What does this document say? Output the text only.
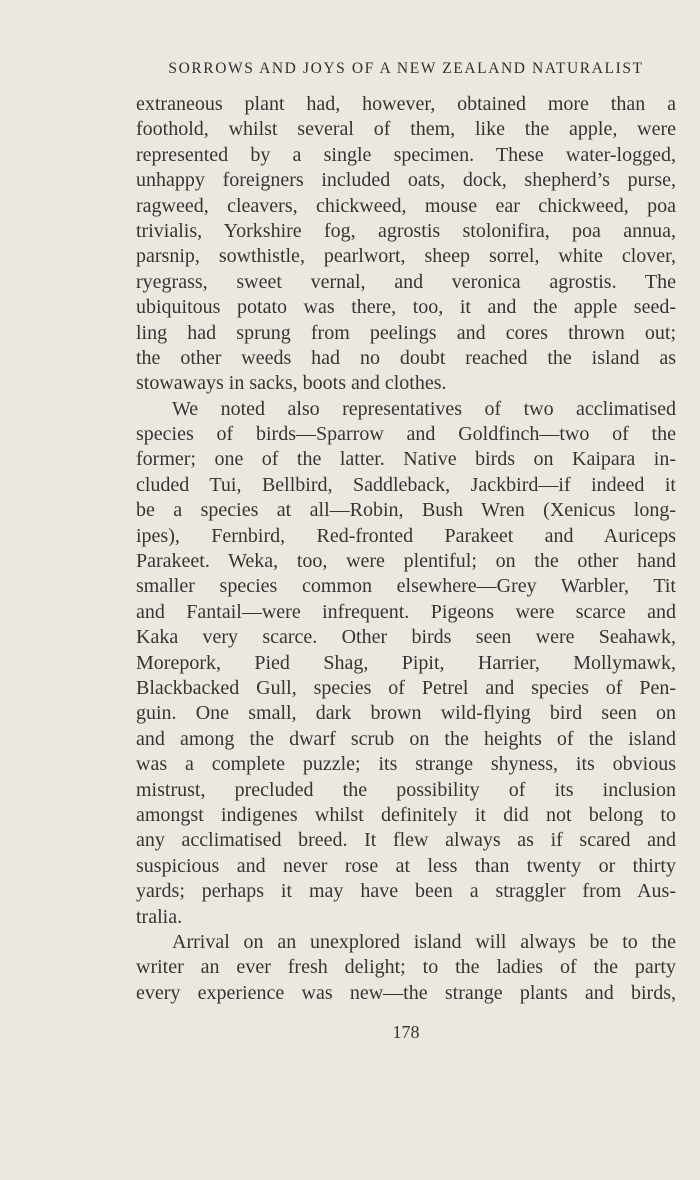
SORROWS AND JOYS OF A NEW ZEALAND NATURALIST
extraneous plant had, however, obtained more than a
foothold, whilst several of them, like the apple, were
represented by a single specimen. These water-logged,
unhappy foreigners included oats, dock, shepherd’s purse,
ragweed, cleavers, chickweed, mouse ear chickweed, poa
trivialis, Yorkshire fog, agrostis stolonifira, poa annua,
parsnip, sowthistle, pearlwort, sheep sorrel, white clover,
ryegrass, sweet vernal, and veronica agrostis. The
ubiquitous potato was there, too, it and the apple seed-
ling had sprung from peelings and cores thrown out;
the other weeds had no doubt reached the island as
stowaways in sacks, boots and clothes.
We noted also representatives of two acclimatised
species of birds—Sparrow and Goldfinch—two of the
former; one of the latter. Native birds on Kaipara in-
cluded Tui, Bellbird, Saddleback, Jackbird—if indeed it
be a species at all—Robin, Bush Wren (Xenicus long-
ipes), Fernbird, Red-fronted Parakeet and Auriceps
Parakeet. Weka, too, were plentiful; on the other hand
smaller species common elsewhere—Grey Warbler, Tit
and Fantail—were infrequent. Pigeons were scarce and
Kaka very scarce. Other birds seen were Seahawk,
Morepork, Pied Shag, Pipit, Harrier, Mollymawk,
Blackbacked Gull, species of Petrel and species of Pen-
guin. One small, dark brown wild-flying bird seen on
and among the dwarf scrub on the heights of the island
was a complete puzzle; its strange shyness, its obvious
mistrust, precluded the possibility of its inclusion
amongst indigenes whilst definitely it did not belong to
any acclimatised breed. It flew always as if scared and
suspicious and never rose at less than twenty or thirty
yards; perhaps it may have been a straggler from Aus-
tralia.
Arrival on an unexplored island will always be to the
writer an ever fresh delight; to the ladies of the party
every experience was new—the strange plants and birds,
178
